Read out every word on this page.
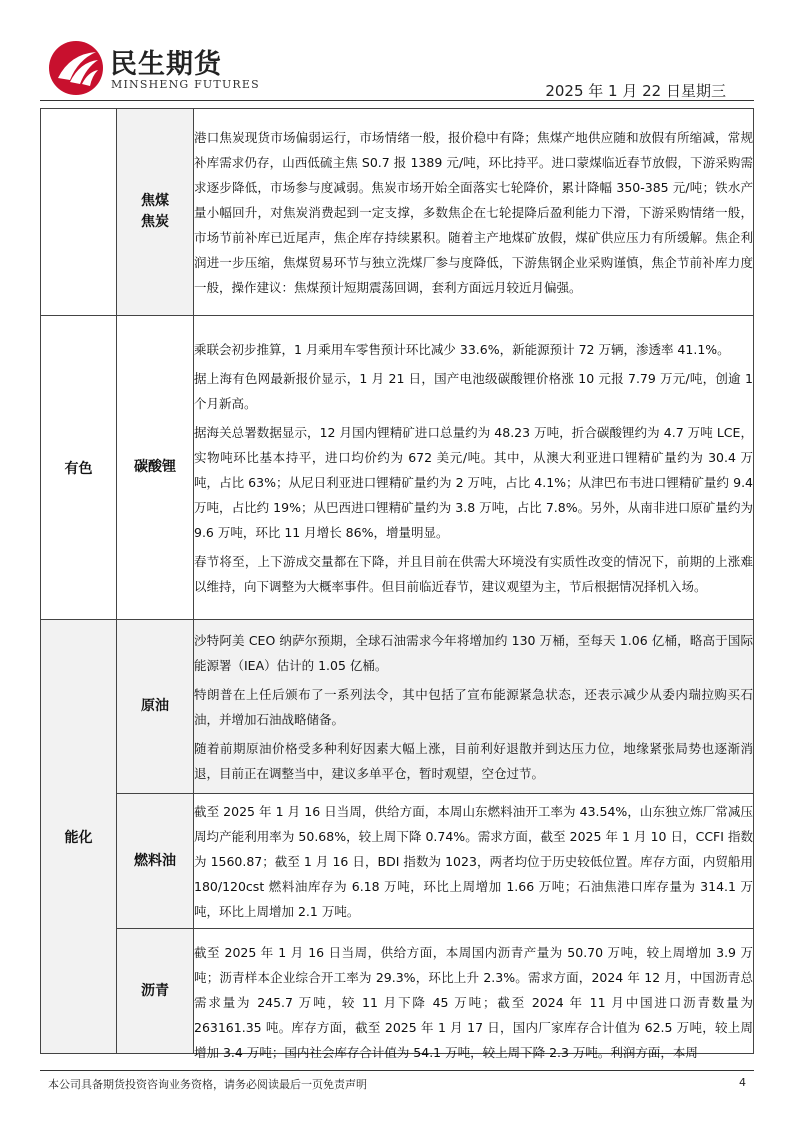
民生期货
MINSHENG FUTURES	2025 年 1 月 22 日星期三
	焦煤
焦炭	港口焦炭现货市场偏弱运行，市场情绪一般，报价稳中有降；焦煤产地供应随和放假有所缩减，常规补库需求仍存，山西低硫主焦 S0.7 报 1389 元/吨，环比持平。进口蒙煤临近春节放假，下游采购需求逐步降低，市场参与度减弱。焦炭市场开始全面落实七轮降价，累计降幅 350-385 元/吨；铁水产量小幅回升，对焦炭消费起到一定支撑，多数焦企在七轮提降后盈利能力下滑，下游采购情绪一般，市场节前补库已近尾声，焦企库存持续累积。随着主产地煤矿放假，煤矿供应压力有所缓解。焦企利润进一步压缩，焦煤贸易环节与独立洗煤厂参与度降低，下游焦钢企业采购谨慎，焦企节前补库力度一般，操作建议：焦煤预计短期震荡回调，套利方面远月较近月偏强。

有色	碳酸锂	乘联会初步推算，1 月乘用车零售预计环比减少 33.6%，新能源预计 72 万辆，渗透率 41.1%。

据上海有色网最新报价显示，1 月 21 日，国产电池级碳酸锂价格涨 10 元报 7.79 万元/吨，创逾 1 个月新高。

据海关总署数据显示，12 月国内锂精矿进口总量约为 48.23 万吨，折合碳酸锂约为 4.7 万吨 LCE，实物吨环比基本持平，进口均价约为 672 美元/吨。其中，从澳大利亚进口锂精矿量约为 30.4 万吨，占比 63%；从尼日利亚进口锂精矿量约为 2 万吨，占比 4.1%；从津巴布韦进口锂精矿量约 9.4 万吨，占比约 19%；从巴西进口锂精矿量约为 3.8 万吨，占比 7.8%。另外，从南非进口原矿量约为 9.6 万吨，环比 11 月增长 86%，增量明显。

春节将至，上下游成交量都在下降，并且目前在供需大环境没有实质性改变的情况下，前期的上涨难以维持，向下调整为大概率事件。但目前临近春节，建议观望为主，节后根据情况择机入场。

能化	原油	沙特阿美 CEO 纳萨尔预期，全球石油需求今年将增加约 130 万桶，至每天 1.06 亿桶，略高于国际能源署（IEA）估计的 1.05 亿桶。

特朗普在上任后颁布了一系列法令，其中包括了宣布能源紧急状态，还表示减少从委内瑞拉购买石油，并增加石油战略储备。

随着前期原油价格受多种利好因素大幅上涨，目前利好退散并到达压力位，地缘紧张局势也逐渐消退，目前正在调整当中，建议多单平仓，暂时观望，空仓过节。

	燃料油	截至 2025 年 1 月 16 日当周，供给方面，本周山东燃料油开工率为 43.54%，山东独立炼厂常减压周均产能利用率为 50.68%，较上周下降 0.74%。需求方面，截至 2025 年 1 月 10 日，CCFI 指数为 1560.87；截至 1 月 16 日，BDI 指数为 1023，两者均位于历史较低位置。库存方面，内贸船用 180/120cst 燃料油库存为 6.18 万吨，环比上周增加 1.66 万吨；石油焦港口库存量为 314.1 万吨，环比上周增加 2.1 万吨。

	沥青	截至 2025 年 1 月 16 日当周，供给方面，本周国内沥青产量为 50.70 万吨，较上周增加 3.9 万吨；沥青样本企业综合开工率为 29.3%，环比上升 2.3%。需求方面，2024 年 12 月，中国沥青总需求量为 245.7 万吨，较 11 月下降 45 万吨；截至 2024 年 11 月中国进口沥青数量为 263161.35 吨。库存方面，截至 2025 年 1 月 17 日，国内厂家库存合计值为 62.5 万吨，较上周增加 3.4 万吨；国内社会库存合计值为 54.1 万吨，较上周下降 2.3 万吨。利润方面，本周

本公司具备期货投资咨询业务资格，请务必阅读最后一页免责声明	4
